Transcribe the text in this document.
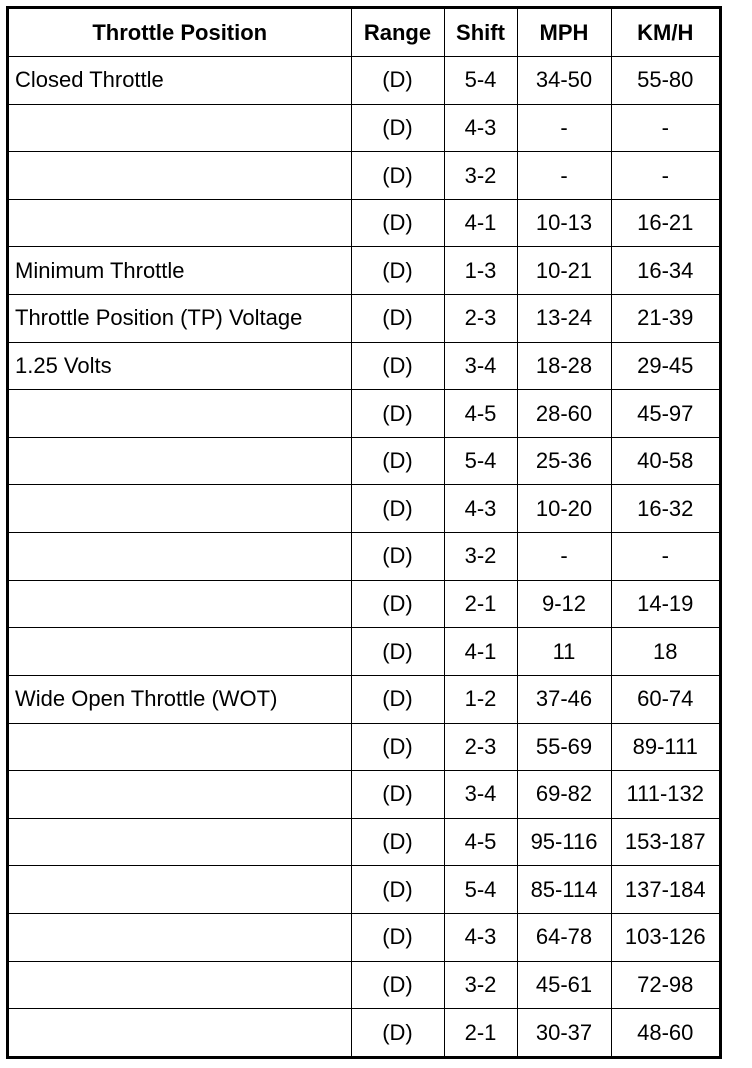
Throttle Position	Range	Shift	MPH	KM/H
Closed Throttle	(D)	5-4	34-50	55-80
	(D)	4-3	-	-
	(D)	3-2	-	-
	(D)	4-1	10-13	16-21
Minimum Throttle	(D)	1-3	10-21	16-34
Throttle Position (TP) Voltage	(D)	2-3	13-24	21-39
1.25 Volts	(D)	3-4	18-28	29-45
	(D)	4-5	28-60	45-97
	(D)	5-4	25-36	40-58
	(D)	4-3	10-20	16-32
	(D)	3-2	-	-
	(D)	2-1	9-12	14-19
	(D)	4-1	11	18
Wide Open Throttle (WOT)	(D)	1-2	37-46	60-74
	(D)	2-3	55-69	89-111
	(D)	3-4	69-82	111-132
	(D)	4-5	95-116	153-187
	(D)	5-4	85-114	137-184
	(D)	4-3	64-78	103-126
	(D)	3-2	45-61	72-98
	(D)	2-1	30-37	48-60
